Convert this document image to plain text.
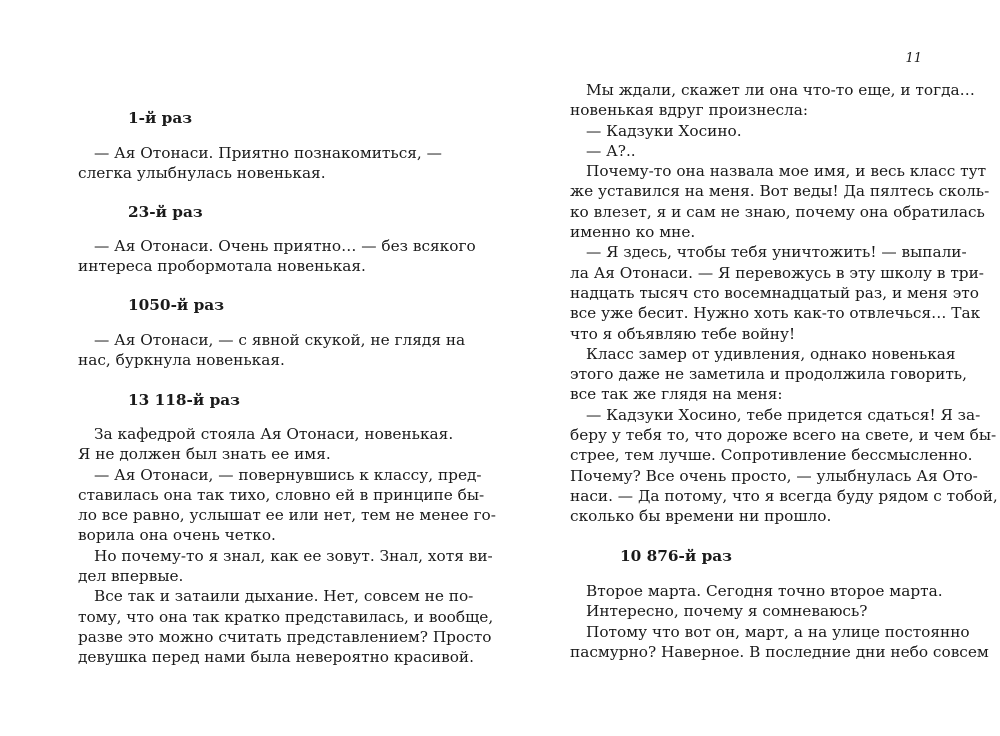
1-й раз
— Ая Отонаси. Приятно познакомиться, —
слегка улыбнулась новенькая.
23-й раз
— Ая Отонаси. Очень приятно… — без всякого
интереса пробормотала новенькая.
1050-й раз
— Ая Отонаси, — с явной скукой, не глядя на
нас, буркнула новенькая.
13 118-й раз
За кафедрой стояла Ая Отонаси, новенькая.
Я не должен был знать ее имя.
— Ая Отонаси, — повернувшись к классу, пред-
ставилась она так тихо, словно ей в принципе бы-
ло все равно, услышат ее или нет, тем не менее го-
ворила она очень четко.
Но почему-то я знал, как ее зовут. Знал, хотя ви-
дел впервые.
Все так и затаили дыхание. Нет, совсем не по-
тому, что она так кратко представилась, и вообще,
разве это можно считать представлением? Просто
девушка перед нами была невероятно красивой.
11
Мы ждали, скажет ли она что-то еще, и тогда…
новенькая вдруг произнесла:
— Кадзуки Хосино.
— А?..
Почему-то она назвала мое имя, и весь класс тут
же уставился на меня. Вот веды! Да пялтесь сколь-
ко влезет, я и сам не знаю, почему она обратилась
именно ко мне.
— Я здесь, чтобы тебя уничтожить! — выпали-
ла Ая Отонаси. — Я перевожусь в эту школу в три-
надцать тысяч сто восемнадцатый раз, и меня это
все уже бесит. Нужно хоть как-то отвлечься… Так
что я объявляю тебе войну!
Класс замер от удивления, однако новенькая
этого даже не заметила и продолжила говорить,
все так же глядя на меня:
— Кадзуки Хосино, тебе придется сдаться! Я за-
беру у тебя то, что дороже всего на свете, и чем бы-
стрее, тем лучше. Сопротивление бессмысленно.
Почему? Все очень просто, — улыбнулась Ая Ото-
наси. — Да потому, что я всегда буду рядом с тобой,
сколько бы времени ни прошло.
10 876-й раз
Второе марта. Сегодня точно второе марта.
Интересно, почему я сомневаюсь?
Потому что вот он, март, а на улице постоянно
пасмурно? Наверное. В последние дни небо совсем
